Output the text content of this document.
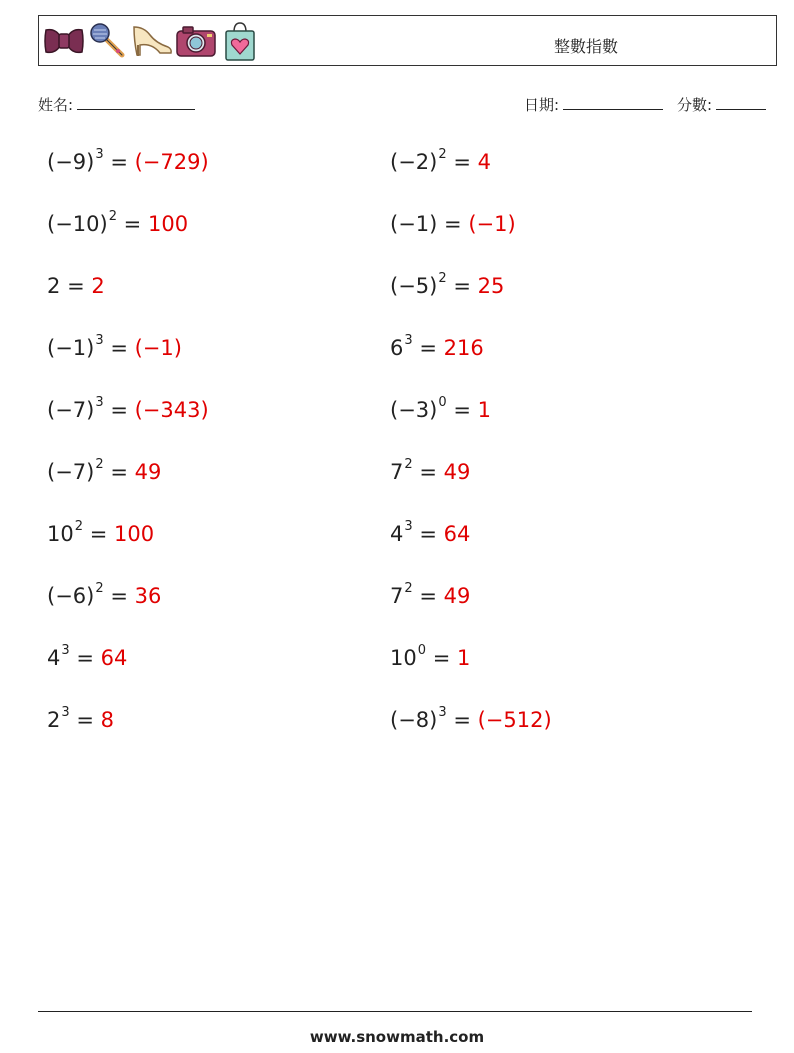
整數指數
姓名:	日期:	分數:
$(-9)^3 = (-729)$	$(-2)^2 = 4$
$(-10)^2 = 100$	(−1) = (−1)
2 = 2	$(-5)^2 = 25$
$(-1)^3 = (-1)$	$6^3 = 216$
$(-7)^3 = (-343)$	$(-3)^0 = 1$
$(-7)^2 = 49$	$7^2 = 49$
$10^2 = 100$	$4^3 = 64$
$(-6)^2 = 36$	$7^2 = 49$
$4^3 = 64$	$10^0 = 1$
$2^3 = 8$	$(-8)^3 = (-512)$
www.snowmath.com
